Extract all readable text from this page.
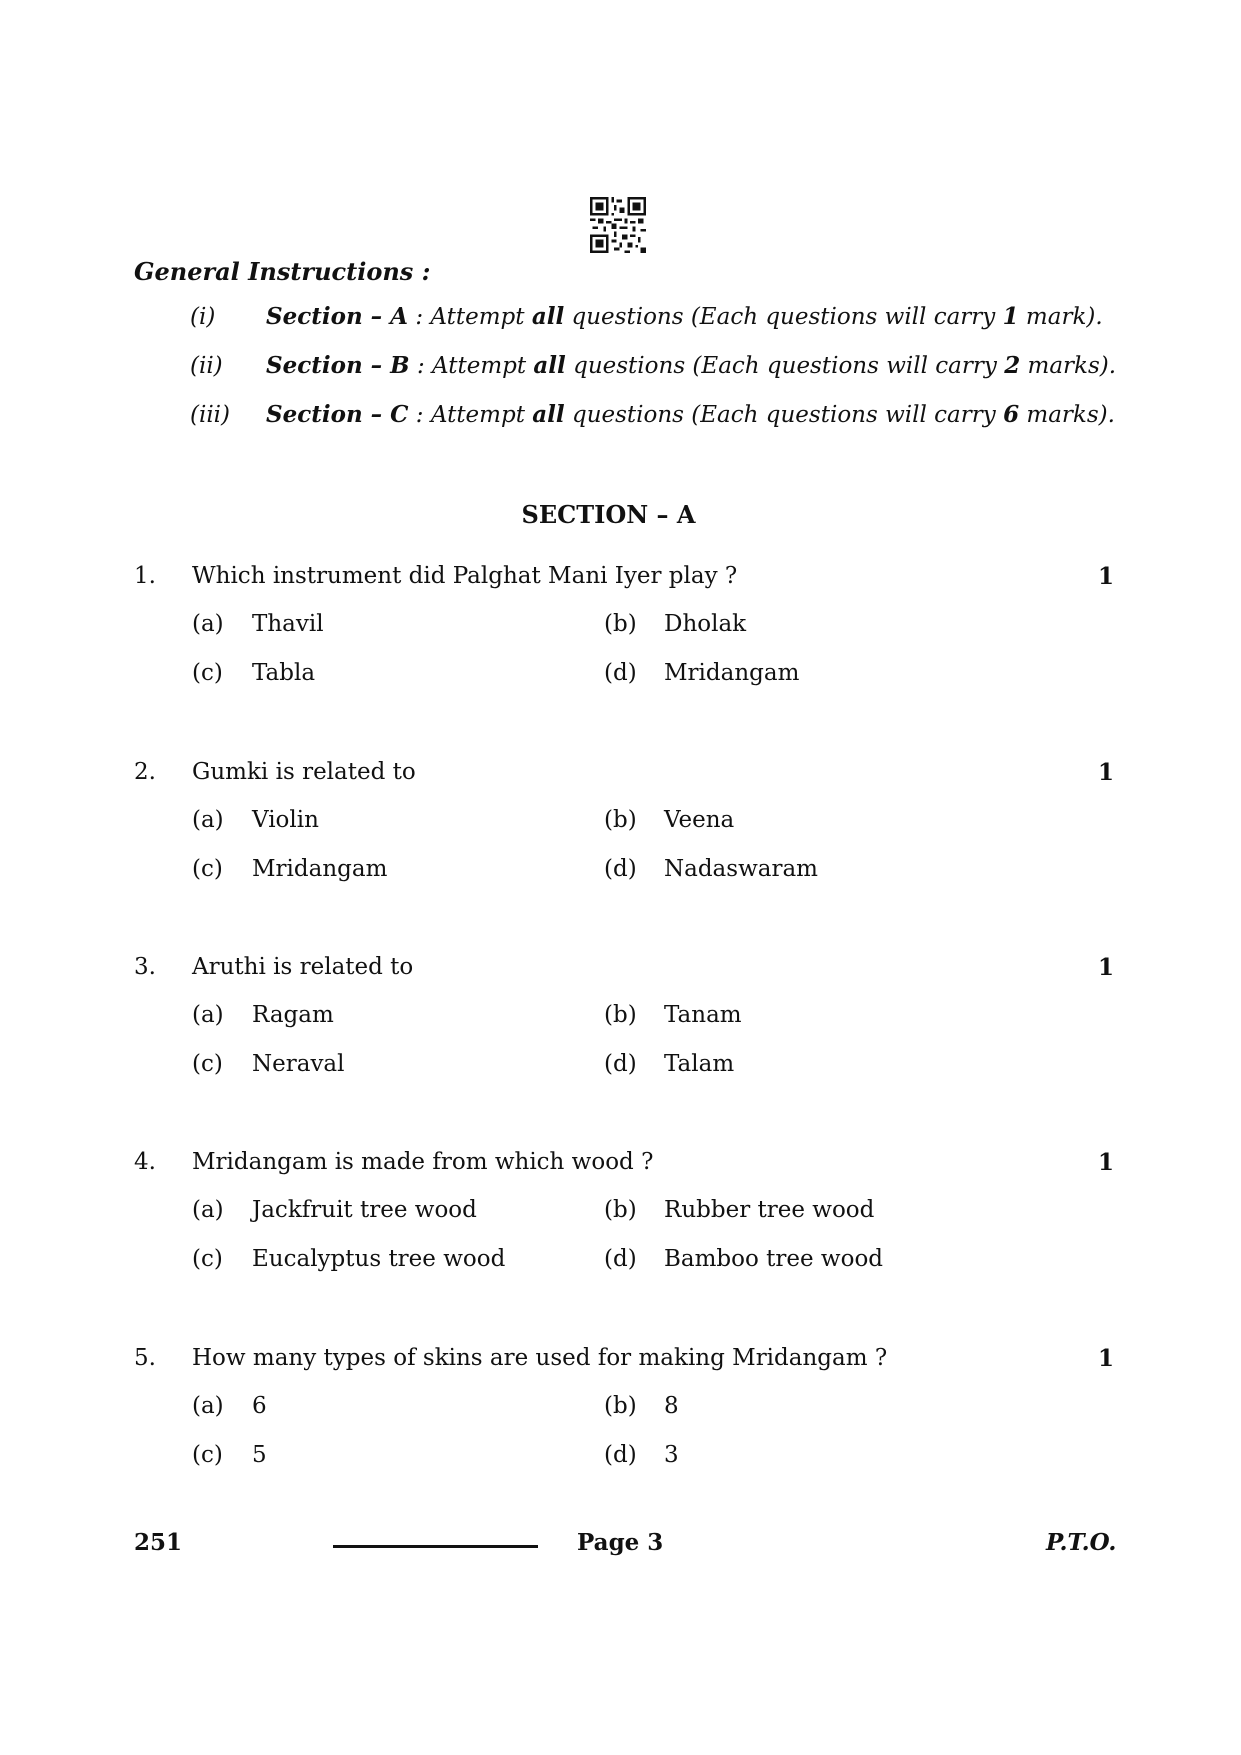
General Instructions :
(i) Section – A : Attempt all questions (Each questions will carry 1 mark).
(ii) Section – B : Attempt all questions (Each questions will carry 2 marks).
(iii) Section – C : Attempt all questions (Each questions will carry 6 marks).
SECTION – A
1. Which instrument did Palghat Mani Iyer play ?	1
(a) Thavil	(b) Dholak
(c) Tabla	(d) Mridangam
2. Gumki is related to	1
(a) Violin	(b) Veena
(c) Mridangam	(d) Nadaswaram
3. Aruthi is related to	1
(a) Ragam	(b) Tanam
(c) Neraval	(d) Talam
4. Mridangam is made from which wood ?	1
(a) Jackfruit tree wood	(b) Rubber tree wood
(c) Eucalyptus tree wood	(d) Bamboo tree wood
5. How many types of skins are used for making Mridangam ?	1
(a) 6	(b) 8
(c) 5	(d) 3
251	Page 3	P.T.O.
